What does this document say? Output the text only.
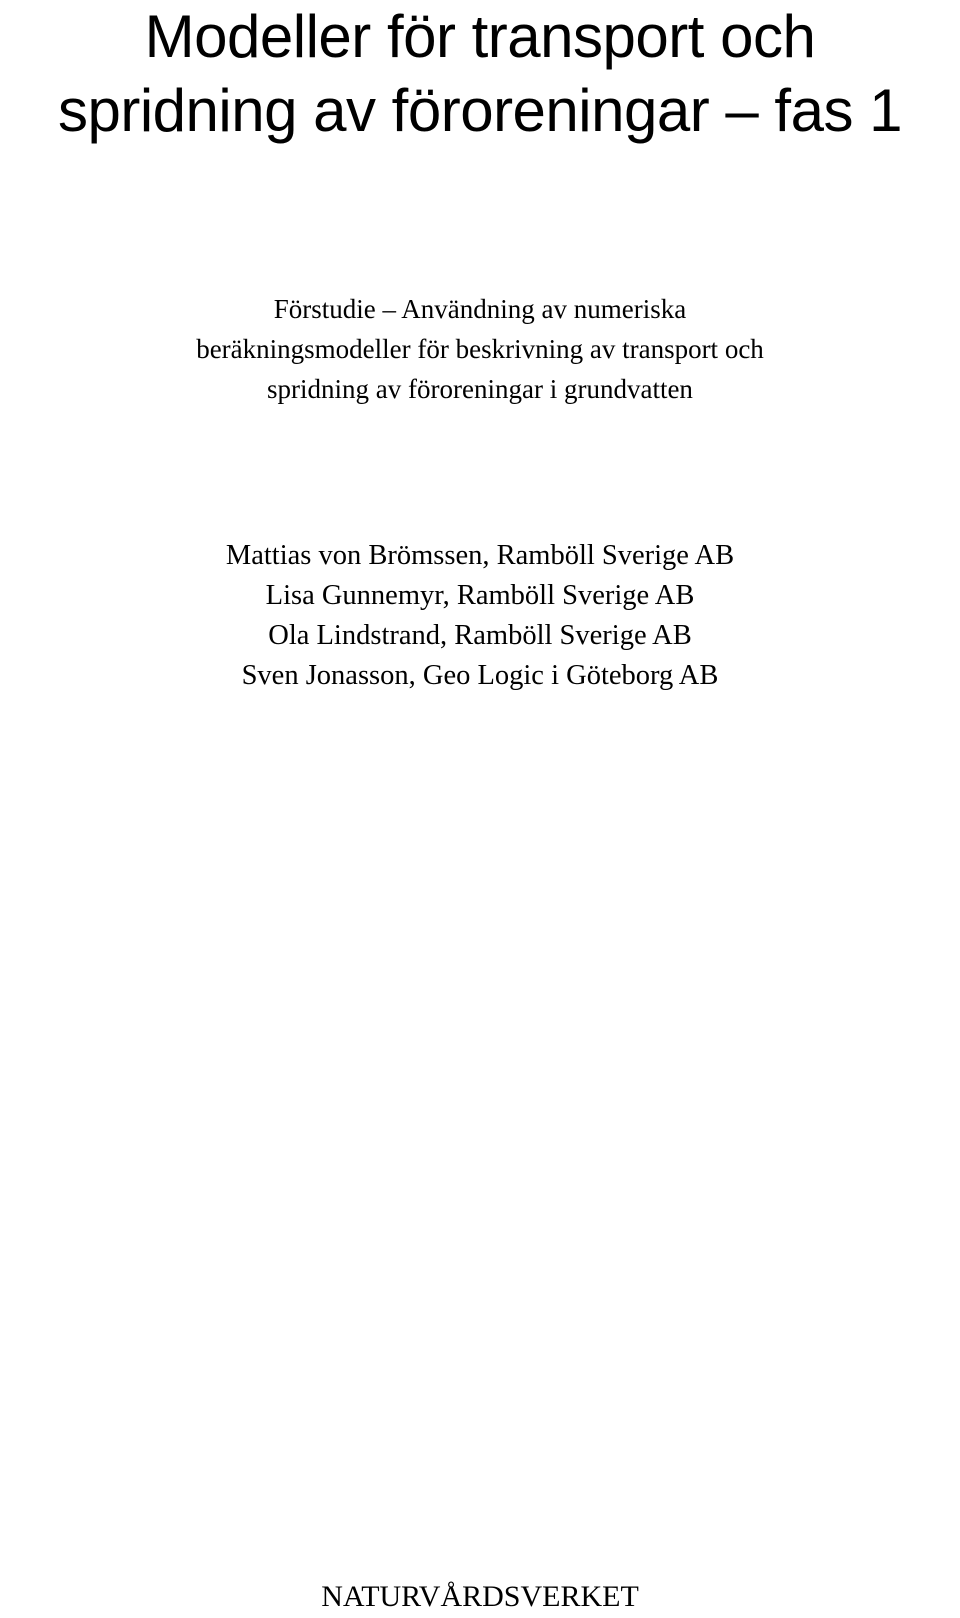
Modeller för transport och
spridning av föroreningar – fas 1
Förstudie – Användning av numeriska
beräkningsmodeller för beskrivning av transport och
spridning av föroreningar i grundvatten
Mattias von Brömssen, Ramböll Sverige AB
Lisa Gunnemyr, Ramböll Sverige AB
Ola Lindstrand, Ramböll Sverige AB
Sven Jonasson, Geo Logic i Göteborg AB
NATURVÅRDSVERKET
